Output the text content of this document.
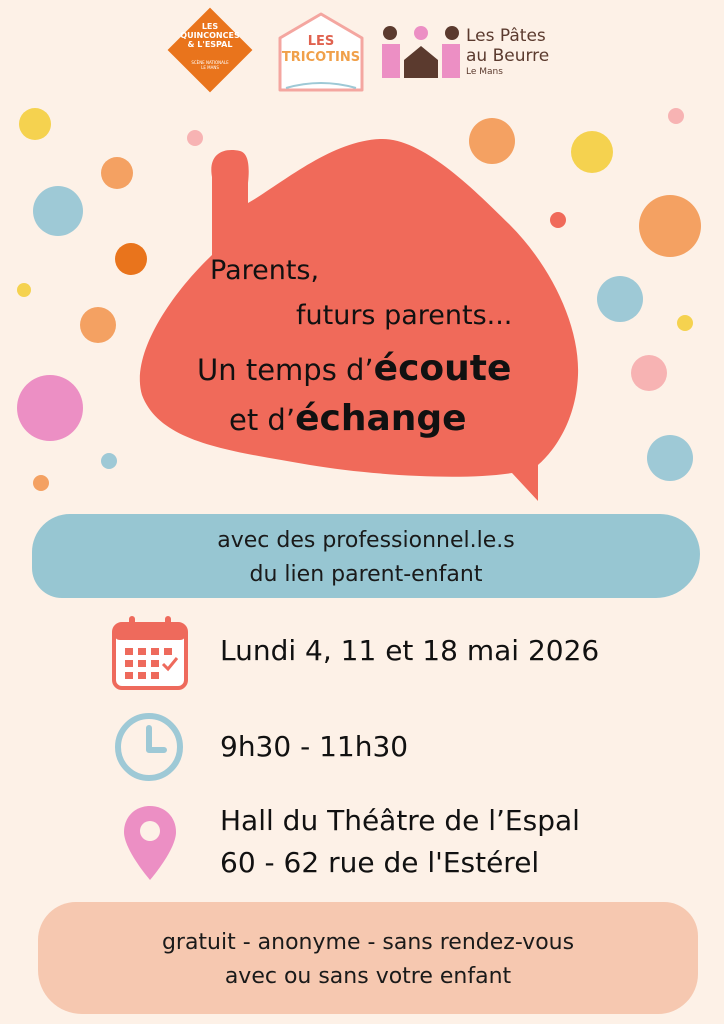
LES
QUINCONCES
& L'ESPAL
SCÈNE NATIONALE
LE MANS
LES
TRICOTINS
Les Pâtes
au Beurre
Le Mans
Parents,
futurs parents...
Un temps d’écoute
et d’échange
avec des professionnel.le.s
du lien parent-enfant
Lundi 4, 11 et 18 mai 2026
9h30 - 11h30
Hall du Théâtre de l’Espal
60 - 62 rue de l'Estérel
gratuit - anonyme - sans rendez-vous
avec ou sans votre enfant
